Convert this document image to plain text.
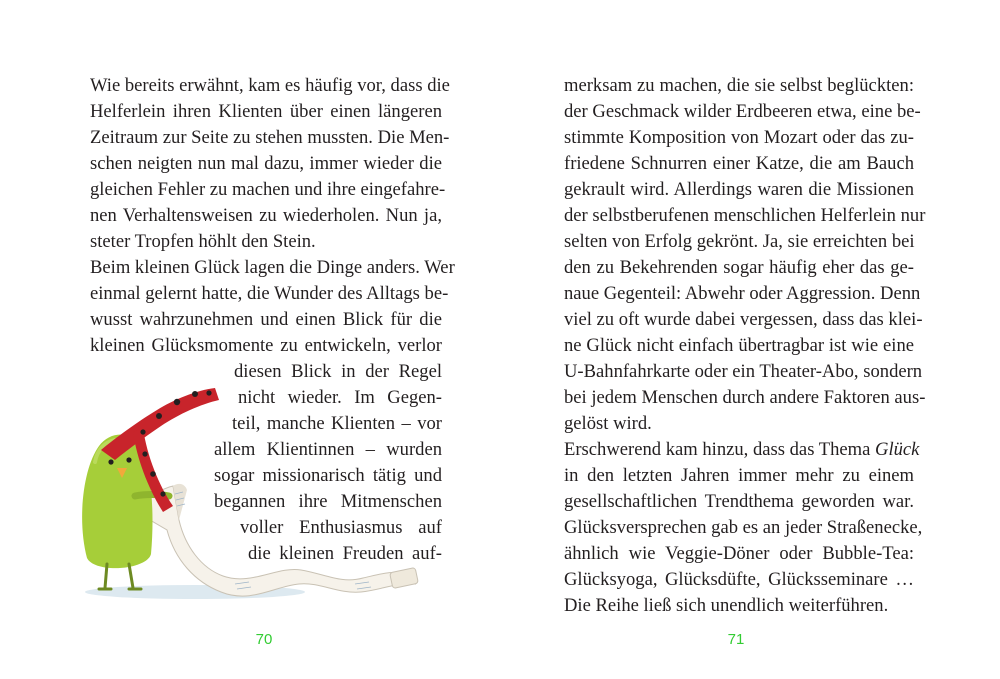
Wie bereits erwähnt, kam es häufig vor, dass die
Helferlein ihren Klienten über einen längeren
Zeitraum zur Seite zu stehen mussten. Die Men-
schen neigten nun mal dazu, immer wieder die
gleichen Fehler zu machen und ihre eingefahre-
nen Verhaltensweisen zu wiederholen. Nun ja,
steter Tropfen höhlt den Stein.
Beim kleinen Glück lagen die Dinge anders. Wer
einmal gelernt hatte, die Wunder des Alltags be-
wusst wahrzunehmen und einen Blick für die
kleinen Glücksmomente zu entwickeln, verlor
diesen Blick in der Regel
nicht wieder. Im Gegen-
teil, manche Klienten – vor
allem Klientinnen – wurden
sogar missionarisch tätig und
begannen ihre Mitmenschen
voller Enthusiasmus auf
die kleinen Freuden auf-
70
merksam zu machen, die sie selbst beglückten:
der Geschmack wilder Erdbeeren etwa, eine be-
stimmte Komposition von Mozart oder das zu-
friedene Schnurren einer Katze, die am Bauch
gekrault wird. Allerdings waren die Missionen
der selbstberufenen menschlichen Helferlein nur
selten von Erfolg gekrönt. Ja, sie erreichten bei
den zu Bekehrenden sogar häufig eher das ge-
naue Gegenteil: Abwehr oder Aggression. Denn
viel zu oft wurde dabei vergessen, dass das klei-
ne Glück nicht einfach übertragbar ist wie eine
U-Bahnfahrkarte oder ein Theater-Abo, sondern
bei jedem Menschen durch andere Faktoren aus-
gelöst wird.
Erschwerend kam hinzu, dass das Thema Glück
in den letzten Jahren immer mehr zu einem
gesellschaftlichen Trendthema geworden war.
Glücksversprechen gab es an jeder Straßenecke,
ähnlich wie Veggie-Döner oder Bubble-Tea:
Glücksyoga, Glücksdüfte, Glücksseminare …
Die Reihe ließ sich unendlich weiterführen.
71
